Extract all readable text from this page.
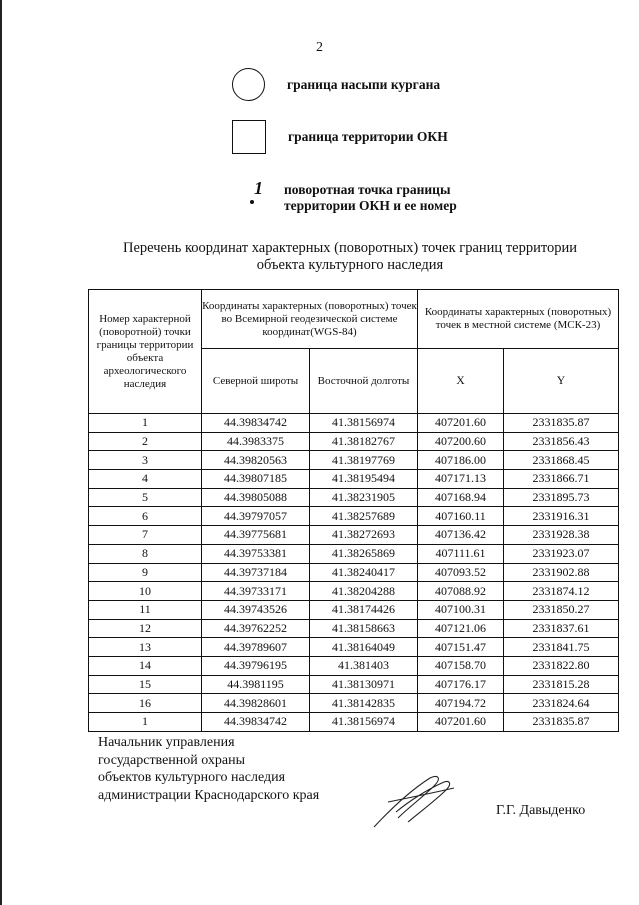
2
граница насыпи кургана
граница территории ОКН
1 поворотная точка границы
территории ОКН и ее номер
Перечень координат характерных (поворотных) точек границ территории
объекта культурного наследия
Номер характерной (поворотной) точки границы территории объекта археологического наследия	Координаты характерных (поворотных) точек во Всемирной геодезической системе координат(WGS-84)		Координаты характерных (поворотных) точек в местной системе (МСК-23)	
	Северной широты	Восточной долготы	X	Y
1	44.39834742	41.38156974	407201.60	2331835.87
2	44.3983375	41.38182767	407200.60	2331856.43
3	44.39820563	41.38197769	407186.00	2331868.45
4	44.39807185	41.38195494	407171.13	2331866.71
5	44.39805088	41.38231905	407168.94	2331895.73
6	44.39797057	41.38257689	407160.11	2331916.31
7	44.39775681	41.38272693	407136.42	2331928.38
8	44.39753381	41.38265869	407111.61	2331923.07
9	44.39737184	41.38240417	407093.52	2331902.88
10	44.39733171	41.38204288	407088.92	2331874.12
11	44.39743526	41.38174426	407100.31	2331850.27
12	44.39762252	41.38158663	407121.06	2331837.61
13	44.39789607	41.38164049	407151.47	2331841.75
14	44.39796195	41.381403	407158.70	2331822.80
15	44.3981195	41.38130971	407176.17	2331815.28
16	44.39828601	41.38142835	407194.72	2331824.64
1	44.39834742	41.38156974	407201.60	2331835.87
Начальник управления
государственной охраны
объектов культурного наследия
администрации Краснодарского края
Г.Г. Давыденко
